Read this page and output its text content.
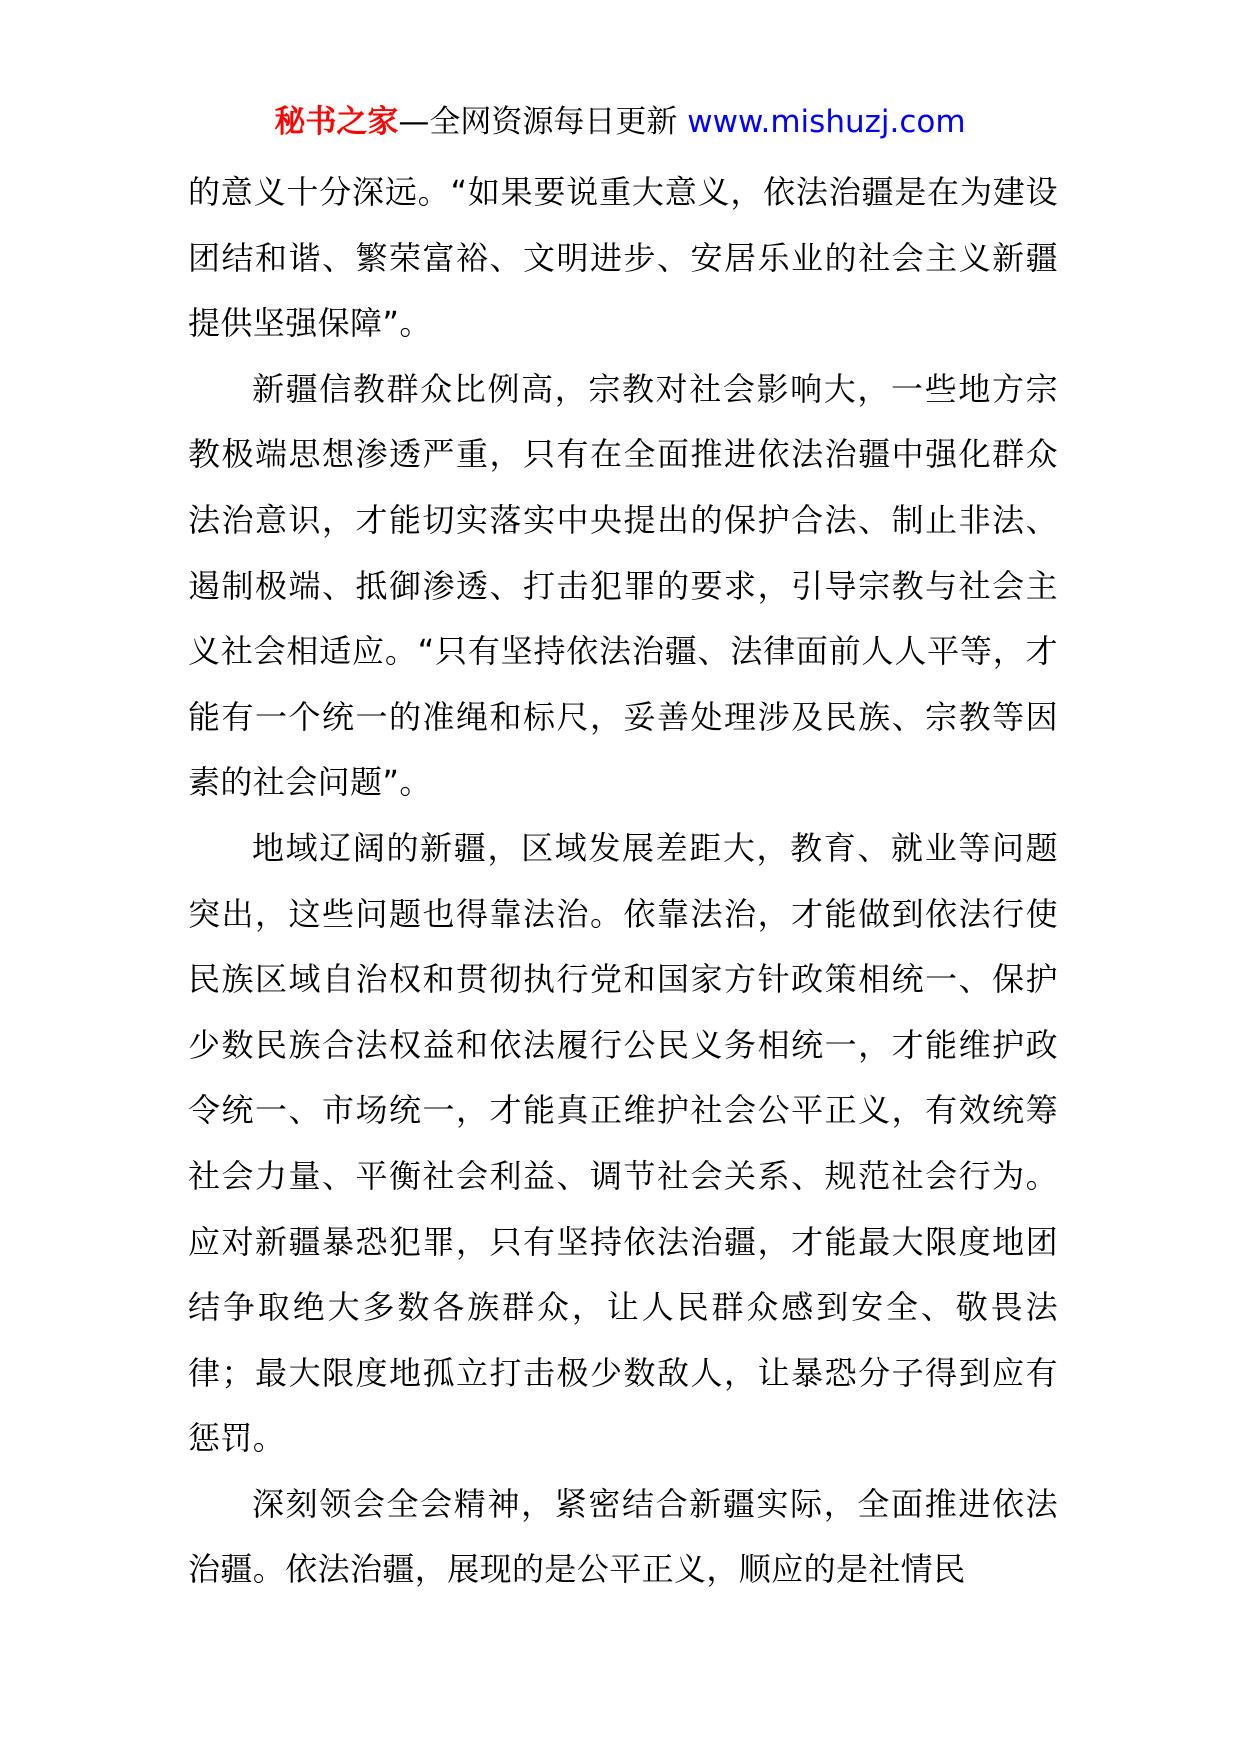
秘书之家—全网资源每日更新 www.mishuzj.com

的意义十分深远。“如果要说重大意义，依法治疆是在为建设团结和谐、繁荣富裕、文明进步、安居乐业的社会主义新疆提供坚强保障”。

新疆信教群众比例高，宗教对社会影响大，一些地方宗教极端思想渗透严重，只有在全面推进依法治疆中强化群众法治意识，才能切实落实中央提出的保护合法、制止非法、遏制极端、抵御渗透、打击犯罪的要求，引导宗教与社会主义社会相适应。“只有坚持依法治疆、法律面前人人平等，才能有一个统一的准绳和标尺，妥善处理涉及民族、宗教等因素的社会问题”。

地域辽阔的新疆，区域发展差距大，教育、就业等问题突出，这些问题也得靠法治。依靠法治，才能做到依法行使民族区域自治权和贯彻执行党和国家方针政策相统一、保护少数民族合法权益和依法履行公民义务相统一，才能维护政令统一、市场统一，才能真正维护社会公平正义，有效统筹社会力量、平衡社会利益、调节社会关系、规范社会行为。应对新疆暴恐犯罪，只有坚持依法治疆，才能最大限度地团结争取绝大多数各族群众，让人民群众感到安全、敬畏法律；最大限度地孤立打击极少数敌人，让暴恐分子得到应有惩罚。

深刻领会全会精神，紧密结合新疆实际，全面推进依法治疆。依法治疆，展现的是公平正义，顺应的是社情民
